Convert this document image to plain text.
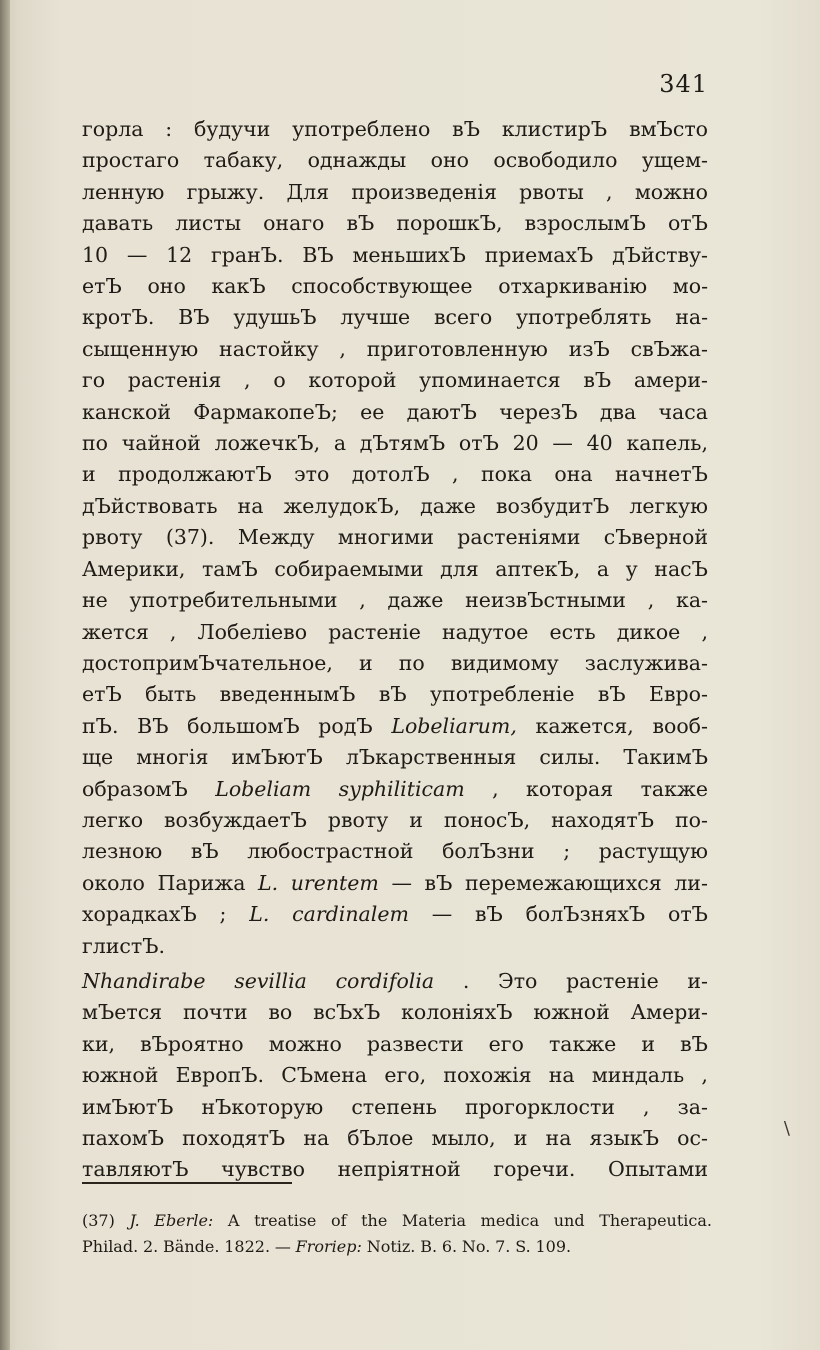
341
горла : будучи употреблено вЪ клистирЪ вмЪсто
простаго табаку, однажды оно освободило ущем-
ленную грыжу. Для произведенія рвоты , можно
давать листы онаго вЪ порошкЪ, взрослымЪ отЪ
10 — 12 гранЪ. ВЪ меньшихЪ приемахЪ дЪйству-
етЪ оно какЪ способствующее отхаркиванію мо-
кротЪ. ВЪ удушьЪ лучше всего употреблять на-
сыщенную настойку , приготовленную изЪ свЪжа-
го растенія , о которой упоминается вЪ амери-
канской ФармакопеЪ; ее даютЪ черезЪ два часа
по чайной ложечкЪ, а дЪтямЪ отЪ 20 — 40 капель,
и продолжаютЪ это дотолЪ , пока она начнетЪ
дЪйствовать на желудокЪ, даже возбудитЪ легкую
рвоту (37). Между многими растеніями сЪверной
Америки, тамЪ собираемыми для аптекЪ, а у насЪ
не употребительными , даже неизвЪстными , ка-
жется , Лобеліево растеніе надутое есть дикое ,
достопримЪчательное, и по видимому заслужива-
етЪ быть введеннымЪ вЪ употребленіе вЪ Евро-
пЪ. ВЪ большомЪ родЪ Lobeliarum, кажется, вооб-
ще многія имЪютЪ лЪкарственныя силы. ТакимЪ
образомЪ Lobeliam syphiliticam , которая также
легко возбуждаетЪ рвоту и поносЪ, находятЪ по-
лезною вЪ любострастной болЪзни ; растущую
около Парижа L. urentem — вЪ перемежающихся ли-
хорадкахЪ ; L. cardinalem — вЪ болЪзняхЪ отЪ
глистЪ.
Nhandirabe sevillia cordifolia . Это растеніе и-
мЪется почти во всЪхЪ колоніяхЪ южной Амери-
ки, вЪроятно можно развести его также и вЪ
южной ЕвропЪ. СЪмена его, похожія на миндаль ,
имЪютЪ нЪкоторую степень прогорклости , за-
пахомЪ походятЪ на бЪлое мыло, и на языкЪ ос-
тавляютЪ чувство непріятной горечи. Опытами
(37) J. Eberle: A treatise of the Materia medica und Therapeutica.
Philad. 2. Bände. 1822. — Froriep: Notiz. B. 6. No. 7. S. 109.
\
